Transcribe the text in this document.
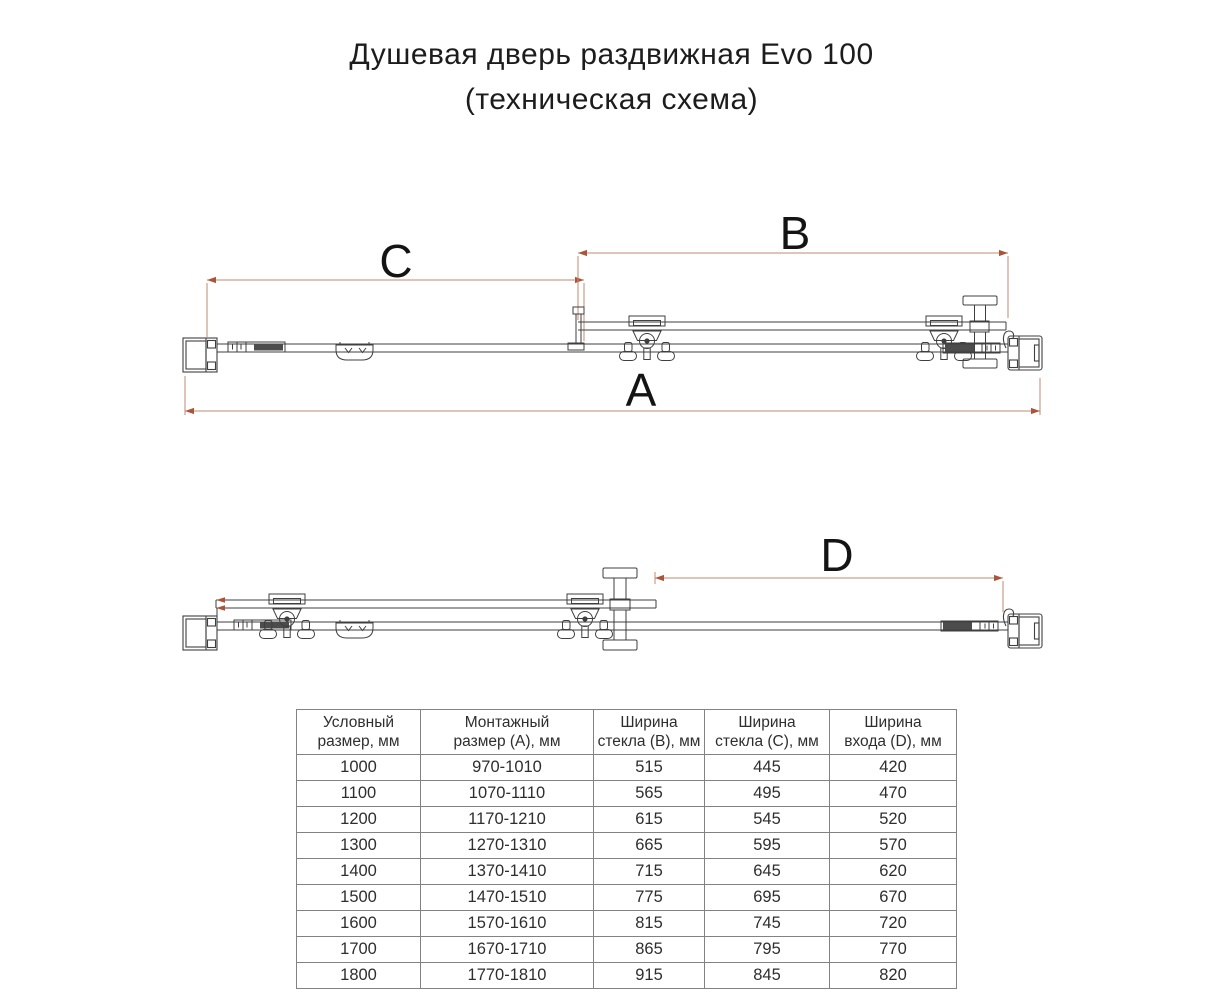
Душевая дверь раздвижная Evo 100
(техническая схема)
C
B
A
D
Условный
размер, мм	Монтажный
размер (А), мм	Ширина
стекла (B), мм	Ширина
стекла (C), мм	Ширина
входа (D), мм

1000	970-1010	515	445	420
1100	1070-1110	565	495	470
1200	1170-1210	615	545	520
1300	1270-1310	665	595	570
1400	1370-1410	715	645	620
1500	1470-1510	775	695	670
1600	1570-1610	815	745	720
1700	1670-1710	865	795	770
1800	1770-1810	915	845	820
